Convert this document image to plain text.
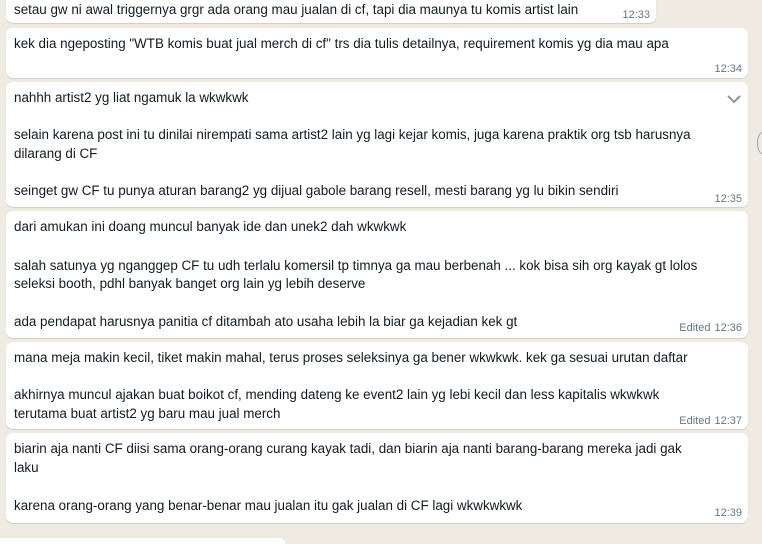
setau gw ni awal triggernya grgr ada orang mau jualan di cf, tapi dia maunya tu komis artist lain	12:33
kek dia ngeposting "WTB komis buat jual merch di cf" trs dia tulis detailnya, requirement komis yg dia mau apa
12:34
nahhh artist2 yg liat ngamuk la wkwkwk
selain karena post ini tu dinilai nirempati sama artist2 lain yg lagi kejar komis, juga karena praktik org tsb harusnya
dilarang di CF
seinget gw CF tu punya aturan barang2 yg dijual gabole barang resell, mesti barang yg lu bikin sendiri
12:35
dari amukan ini doang muncul banyak ide dan unek2 dah wkwkwk
salah satunya yg nganggep CF tu udh terlalu komersil tp timnya ga mau berbenah ... kok bisa sih org kayak gt lolos
seleksi booth, pdhl banyak banget org lain yg lebih deserve
ada pendapat harusnya panitia cf ditambah ato usaha lebih la biar ga kejadian kek gt	Edited 12:36
mana meja makin kecil, tiket makin mahal, terus proses seleksinya ga bener wkwkwk. kek ga sesuai urutan daftar
akhirnya muncul ajakan buat boikot cf, mending dateng ke event2 lain yg lebi kecil dan less kapitalis wkwkwk
terutama buat artist2 yg baru mau jual merch	Edited 12:37
biarin aja nanti CF diisi sama orang-orang curang kayak tadi, dan biarin aja nanti barang-barang mereka jadi gak
laku
karena orang-orang yang benar-benar mau jualan itu gak jualan di CF lagi wkwkwkwk	12:39
